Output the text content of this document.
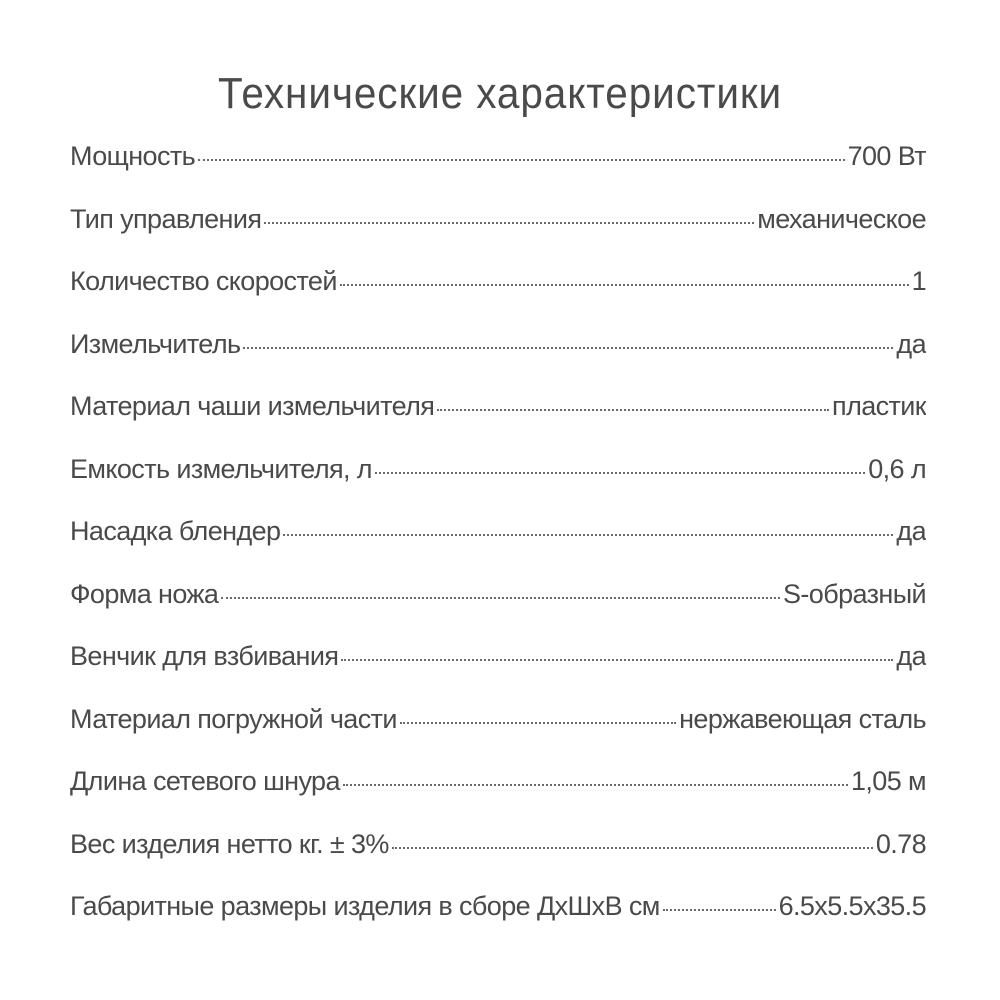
Технические характеристики
Мощность	700 Вт
Тип управления	механическое
Количество скоростей	1
Измельчитель	да
Материал чаши измельчителя	пластик
Емкость измельчителя, л	0,6 л
Насадка блендер	да
Форма ножа	S-образный
Венчик для взбивания	да
Материал погружной части	нержавеющая сталь
Длина сетевого шнура	1,05 м
Вес изделия нетто кг. ± 3%	0.78
Габаритные размеры изделия в сборе ДхШхВ см	6.5х5.5х35.5
